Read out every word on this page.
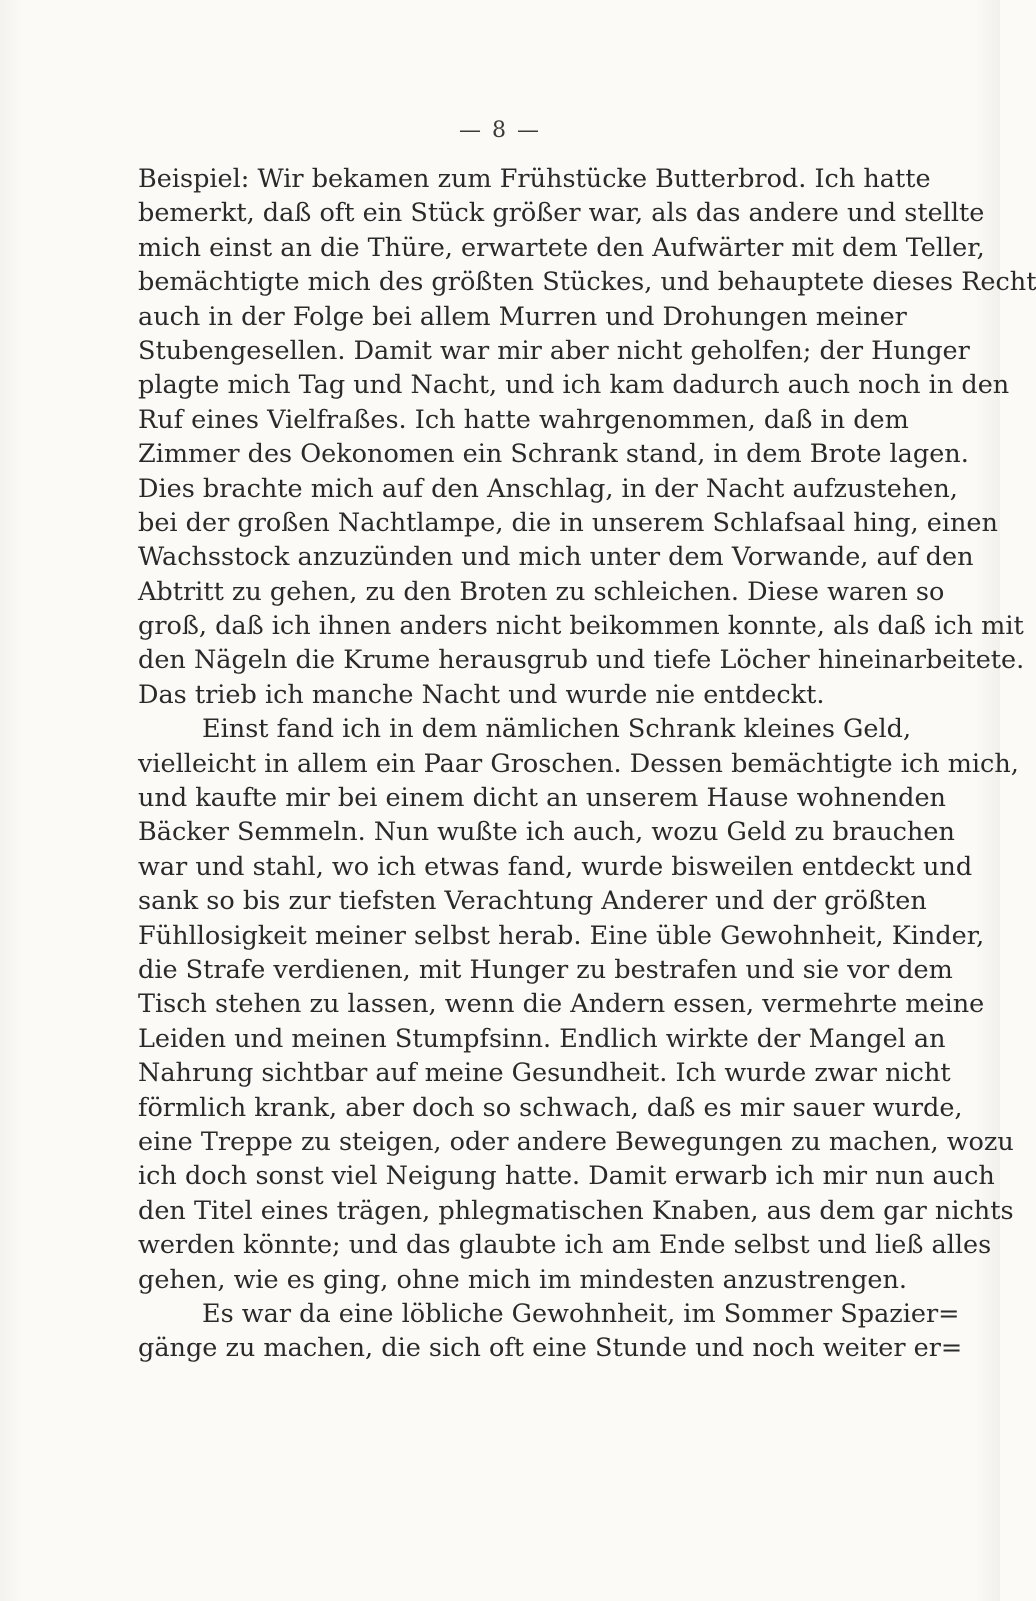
— 8 —
Beispiel: Wir bekamen zum Frühstücke Butterbrod. Ich hatte
bemerkt, daß oft ein Stück größer war, als das andere und stellte
mich einst an die Thüre, erwartete den Aufwärter mit dem Teller,
bemächtigte mich des größten Stückes, und behauptete dieses Recht
auch in der Folge bei allem Murren und Drohungen meiner
Stubengesellen. Damit war mir aber nicht geholfen; der Hunger
plagte mich Tag und Nacht, und ich kam dadurch auch noch in den
Ruf eines Vielfraßes. Ich hatte wahrgenommen, daß in dem
Zimmer des Oekonomen ein Schrank stand, in dem Brote lagen.
Dies brachte mich auf den Anschlag, in der Nacht aufzustehen,
bei der großen Nachtlampe, die in unserem Schlafsaal hing, einen
Wachsstock anzuzünden und mich unter dem Vorwande, auf den
Abtritt zu gehen, zu den Broten zu schleichen. Diese waren so
groß, daß ich ihnen anders nicht beikommen konnte, als daß ich mit
den Nägeln die Krume herausgrub und tiefe Löcher hineinarbeitete.
Das trieb ich manche Nacht und wurde nie entdeckt.
Einst fand ich in dem nämlichen Schrank kleines Geld,
vielleicht in allem ein Paar Groschen. Dessen bemächtigte ich mich,
und kaufte mir bei einem dicht an unserem Hause wohnenden
Bäcker Semmeln. Nun wußte ich auch, wozu Geld zu brauchen
war und stahl, wo ich etwas fand, wurde bisweilen entdeckt und
sank so bis zur tiefsten Verachtung Anderer und der größten
Fühllosigkeit meiner selbst herab. Eine üble Gewohnheit, Kinder,
die Strafe verdienen, mit Hunger zu bestrafen und sie vor dem
Tisch stehen zu lassen, wenn die Andern essen, vermehrte meine
Leiden und meinen Stumpfsinn. Endlich wirkte der Mangel an
Nahrung sichtbar auf meine Gesundheit. Ich wurde zwar nicht
förmlich krank, aber doch so schwach, daß es mir sauer wurde,
eine Treppe zu steigen, oder andere Bewegungen zu machen, wozu
ich doch sonst viel Neigung hatte. Damit erwarb ich mir nun auch
den Titel eines trägen, phlegmatischen Knaben, aus dem gar nichts
werden könnte; und das glaubte ich am Ende selbst und ließ alles
gehen, wie es ging, ohne mich im mindesten anzustrengen.
Es war da eine löbliche Gewohnheit, im Sommer Spazier=
gänge zu machen, die sich oft eine Stunde und noch weiter er=
